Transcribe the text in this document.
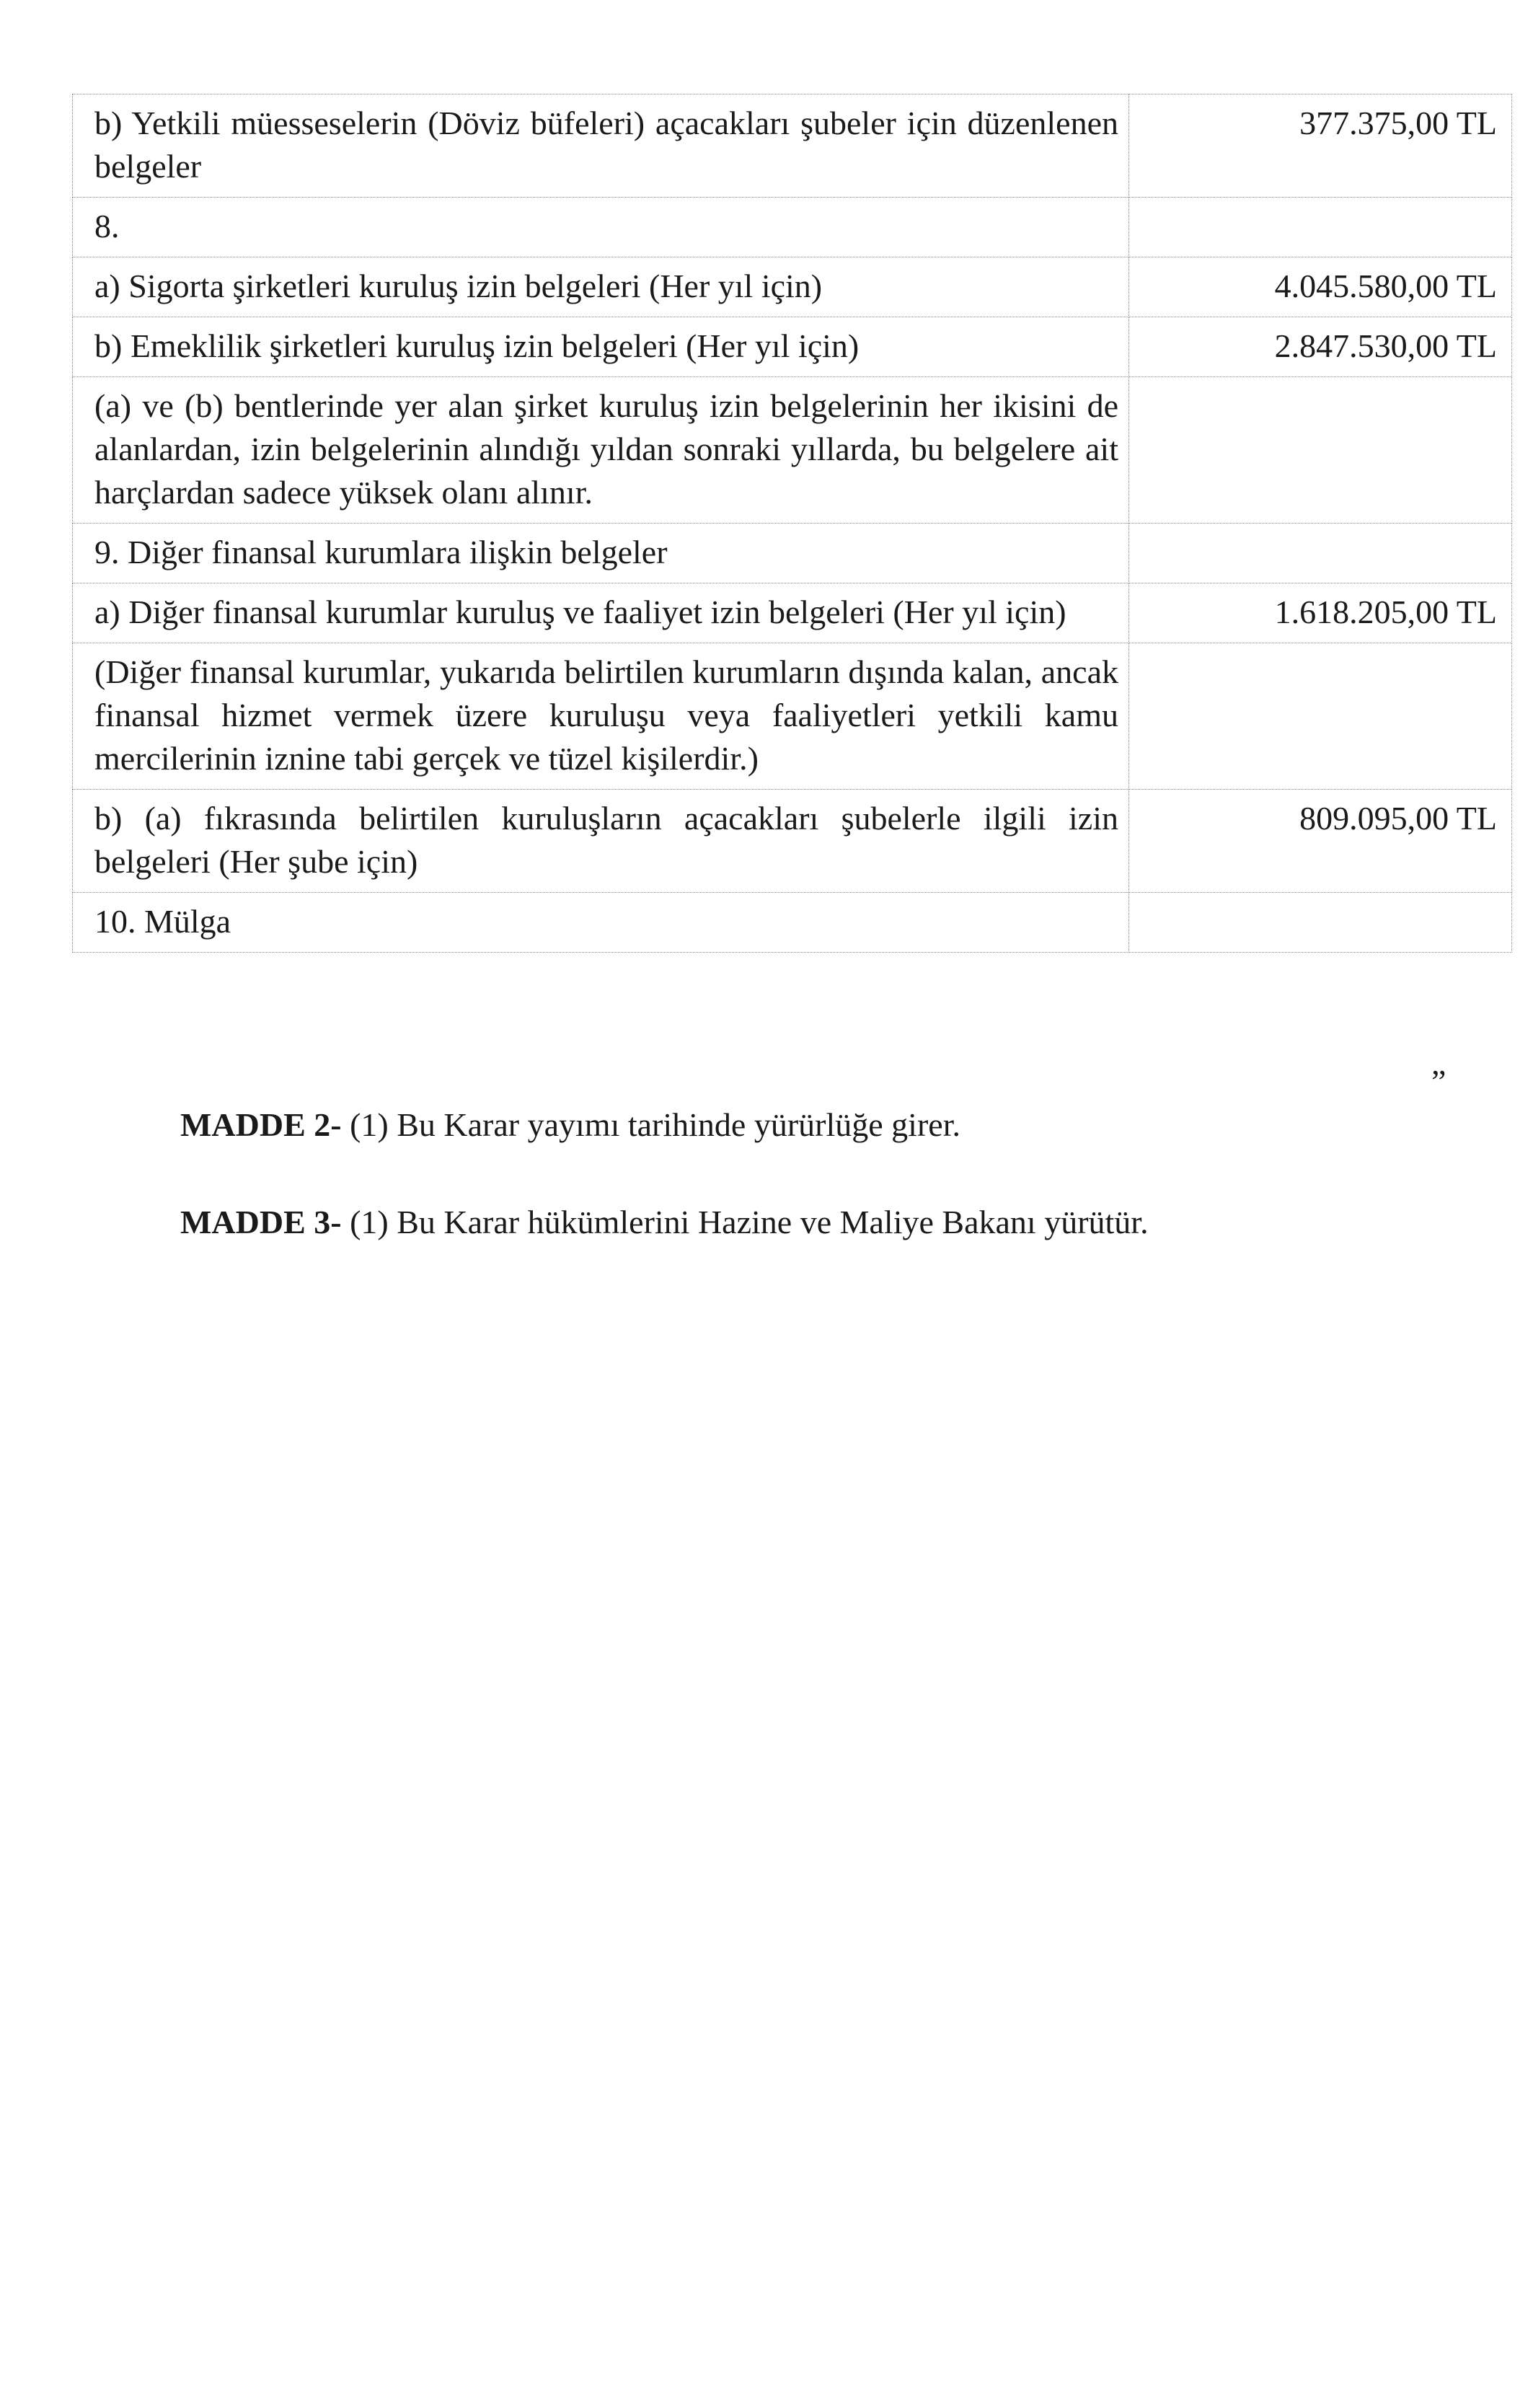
b) Yetkili müesseselerin (Döviz büfeleri) açacakları şubeler için düzenlenen belgeler	377.375,00 TL
8.	
a) Sigorta şirketleri kuruluş izin belgeleri (Her yıl için)	4.045.580,00 TL
b) Emeklilik şirketleri kuruluş izin belgeleri (Her yıl için)	2.847.530,00 TL
(a) ve (b) bentlerinde yer alan şirket kuruluş izin belgelerinin her ikisini de alanlardan, izin belgelerinin alındığı yıldan sonraki yıllarda, bu belgelere ait harçlardan sadece yüksek olanı alınır.	
9. Diğer finansal kurumlara ilişkin belgeler	
a) Diğer finansal kurumlar kuruluş ve faaliyet izin belgeleri (Her yıl için)	1.618.205,00 TL
(Diğer finansal kurumlar, yukarıda belirtilen kurumların dışında kalan, ancak finansal hizmet vermek üzere kuruluşu veya faaliyetleri yetkili kamu mercilerinin iznine tabi gerçek ve tüzel kişilerdir.)	
b) (a) fıkrasında belirtilen kuruluşların açacakları şubelerle ilgili izin belgeleri (Her şube için)	809.095,00 TL
10. Mülga	
”
MADDE 2- (1) Bu Karar yayımı tarihinde yürürlüğe girer.
MADDE 3- (1) Bu Karar hükümlerini Hazine ve Maliye Bakanı yürütür.
